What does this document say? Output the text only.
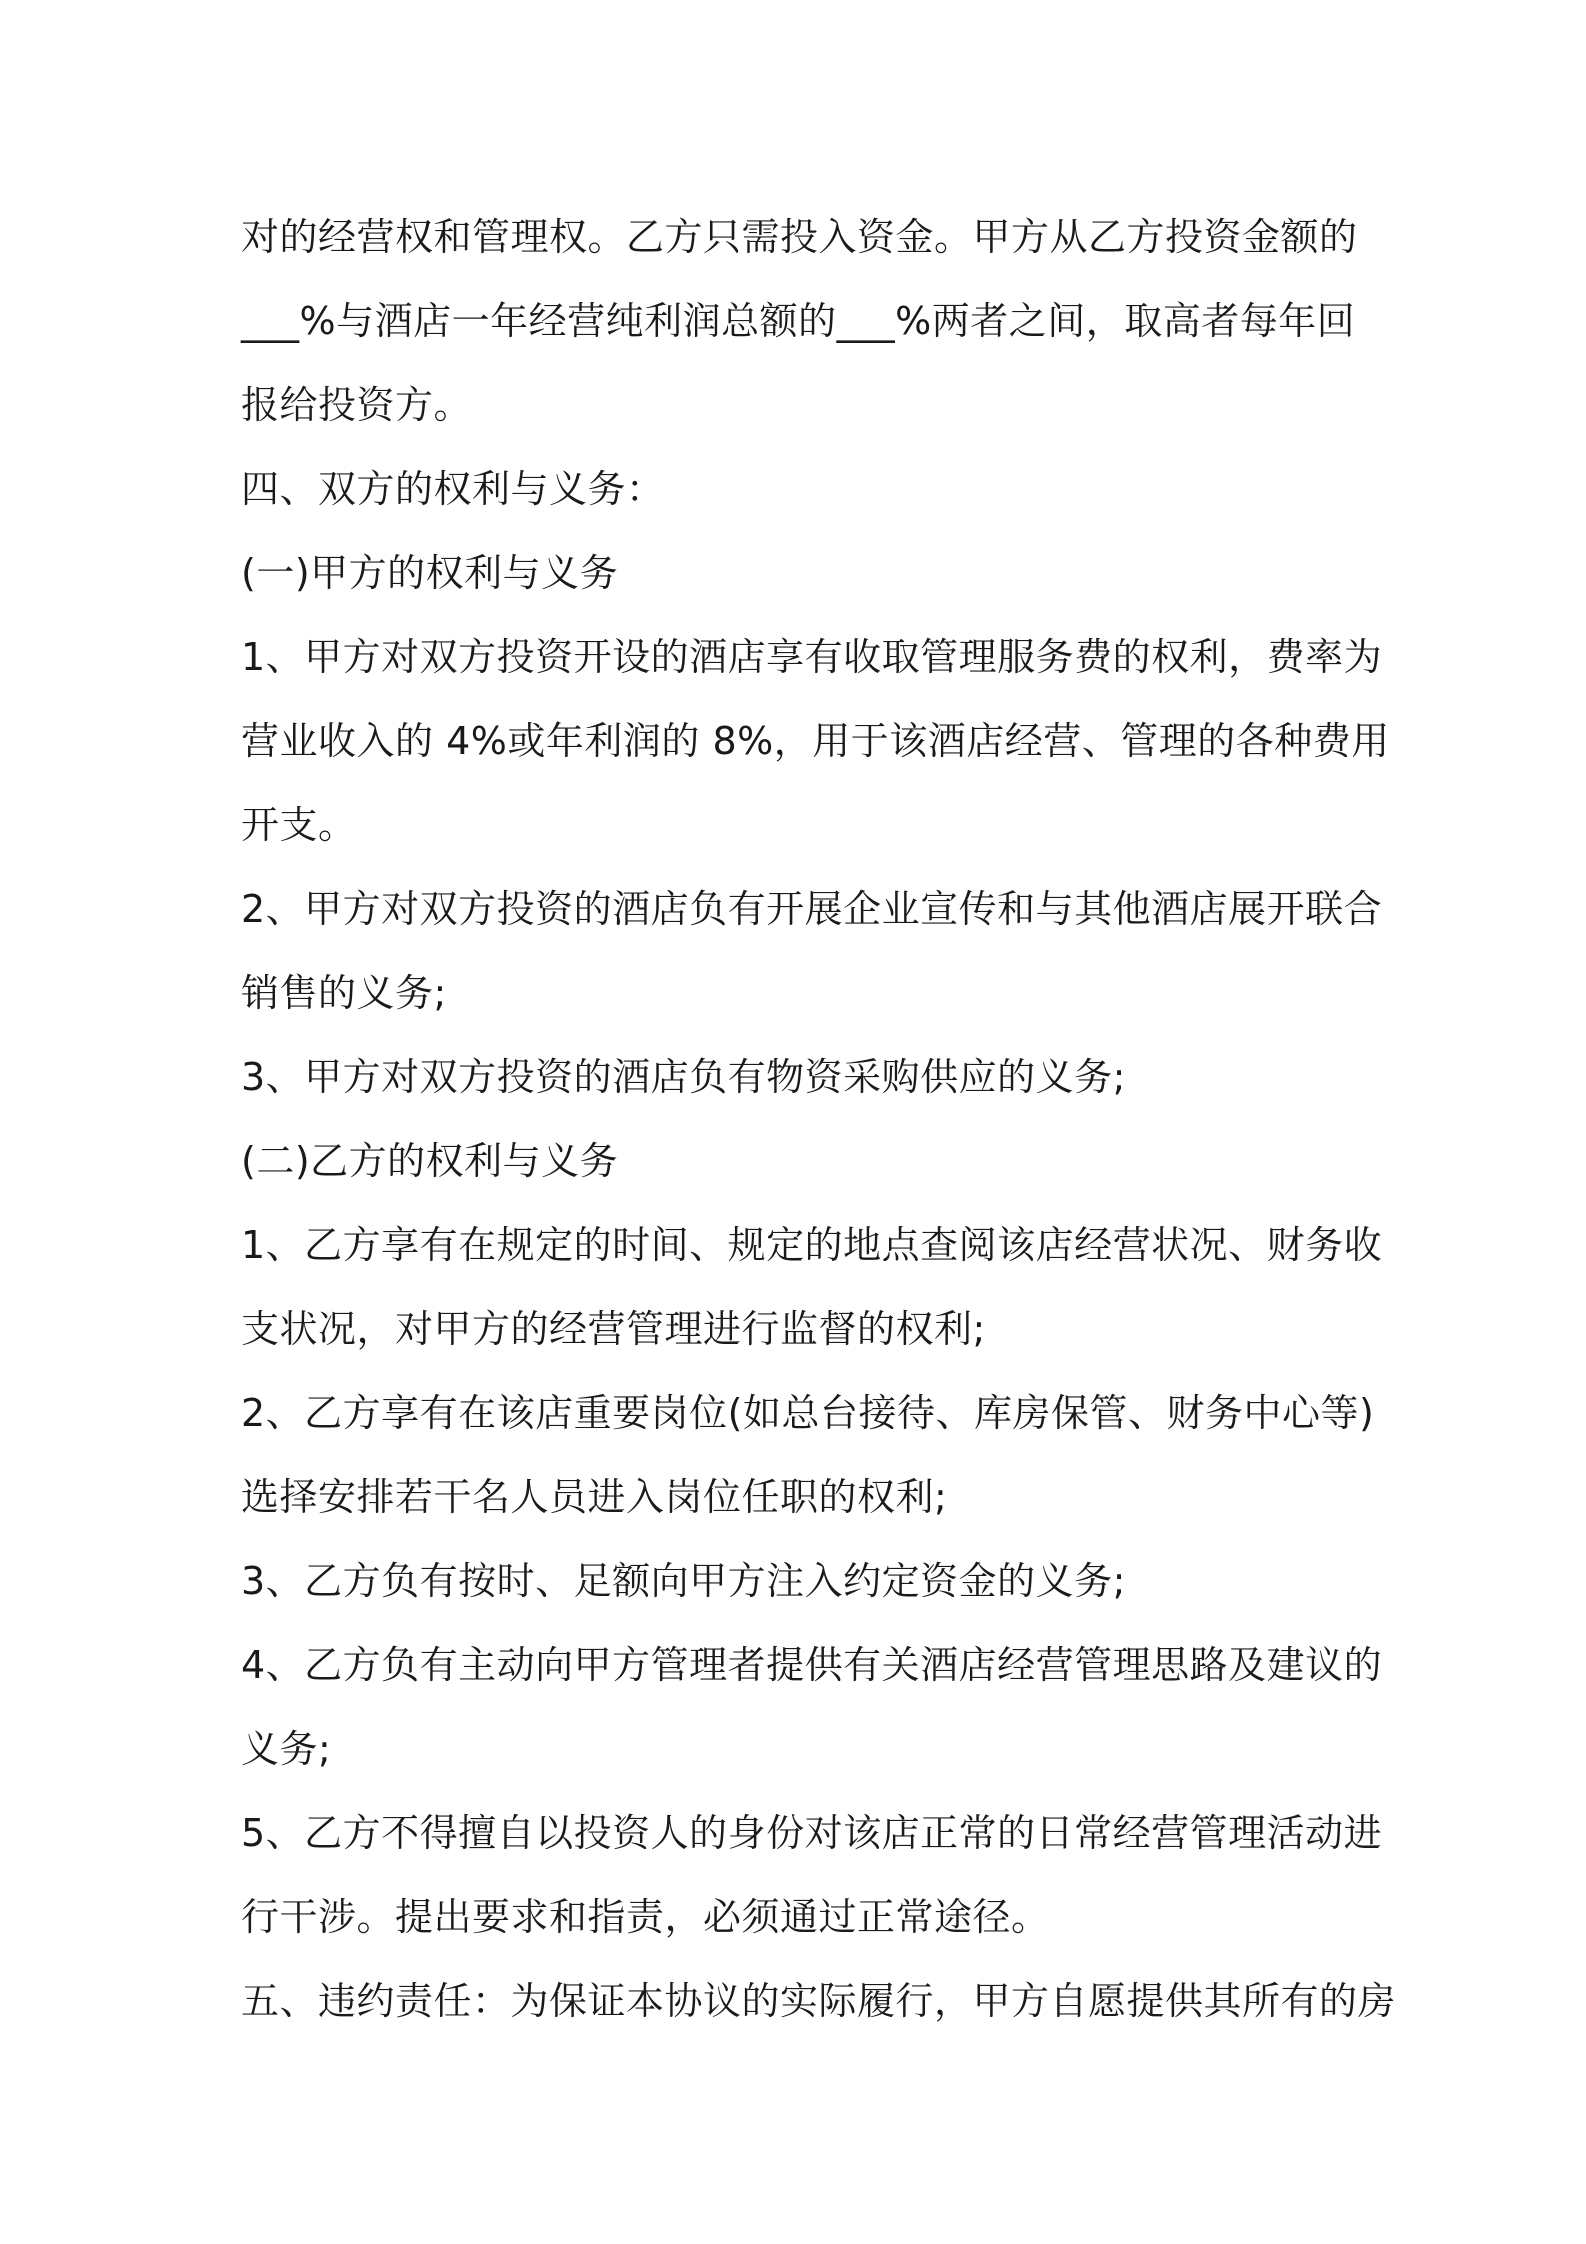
对的经营权和管理权。乙方只需投入资金。甲方从乙方投资金额的
___%与酒店一年经营纯利润总额的___%两者之间，取高者每年回
报给投资方。
四、双方的权利与义务：
(一)甲方的权利与义务
1、甲方对双方投资开设的酒店享有收取管理服务费的权利，费率为
营业收入的 4%或年利润的 8%，用于该酒店经营、管理的各种费用
开支。
2、甲方对双方投资的酒店负有开展企业宣传和与其他酒店展开联合
销售的义务;
3、甲方对双方投资的酒店负有物资采购供应的义务;
(二)乙方的权利与义务
1、乙方享有在规定的时间、规定的地点查阅该店经营状况、财务收
支状况，对甲方的经营管理进行监督的权利;
2、乙方享有在该店重要岗位(如总台接待、库房保管、财务中心等)
选择安排若干名人员进入岗位任职的权利;
3、乙方负有按时、足额向甲方注入约定资金的义务;
4、乙方负有主动向甲方管理者提供有关酒店经营管理思路及建议的
义务;
5、乙方不得擅自以投资人的身份对该店正常的日常经营管理活动进
行干涉。提出要求和指责，必须通过正常途径。
五、违约责任：为保证本协议的实际履行，甲方自愿提供其所有的房
